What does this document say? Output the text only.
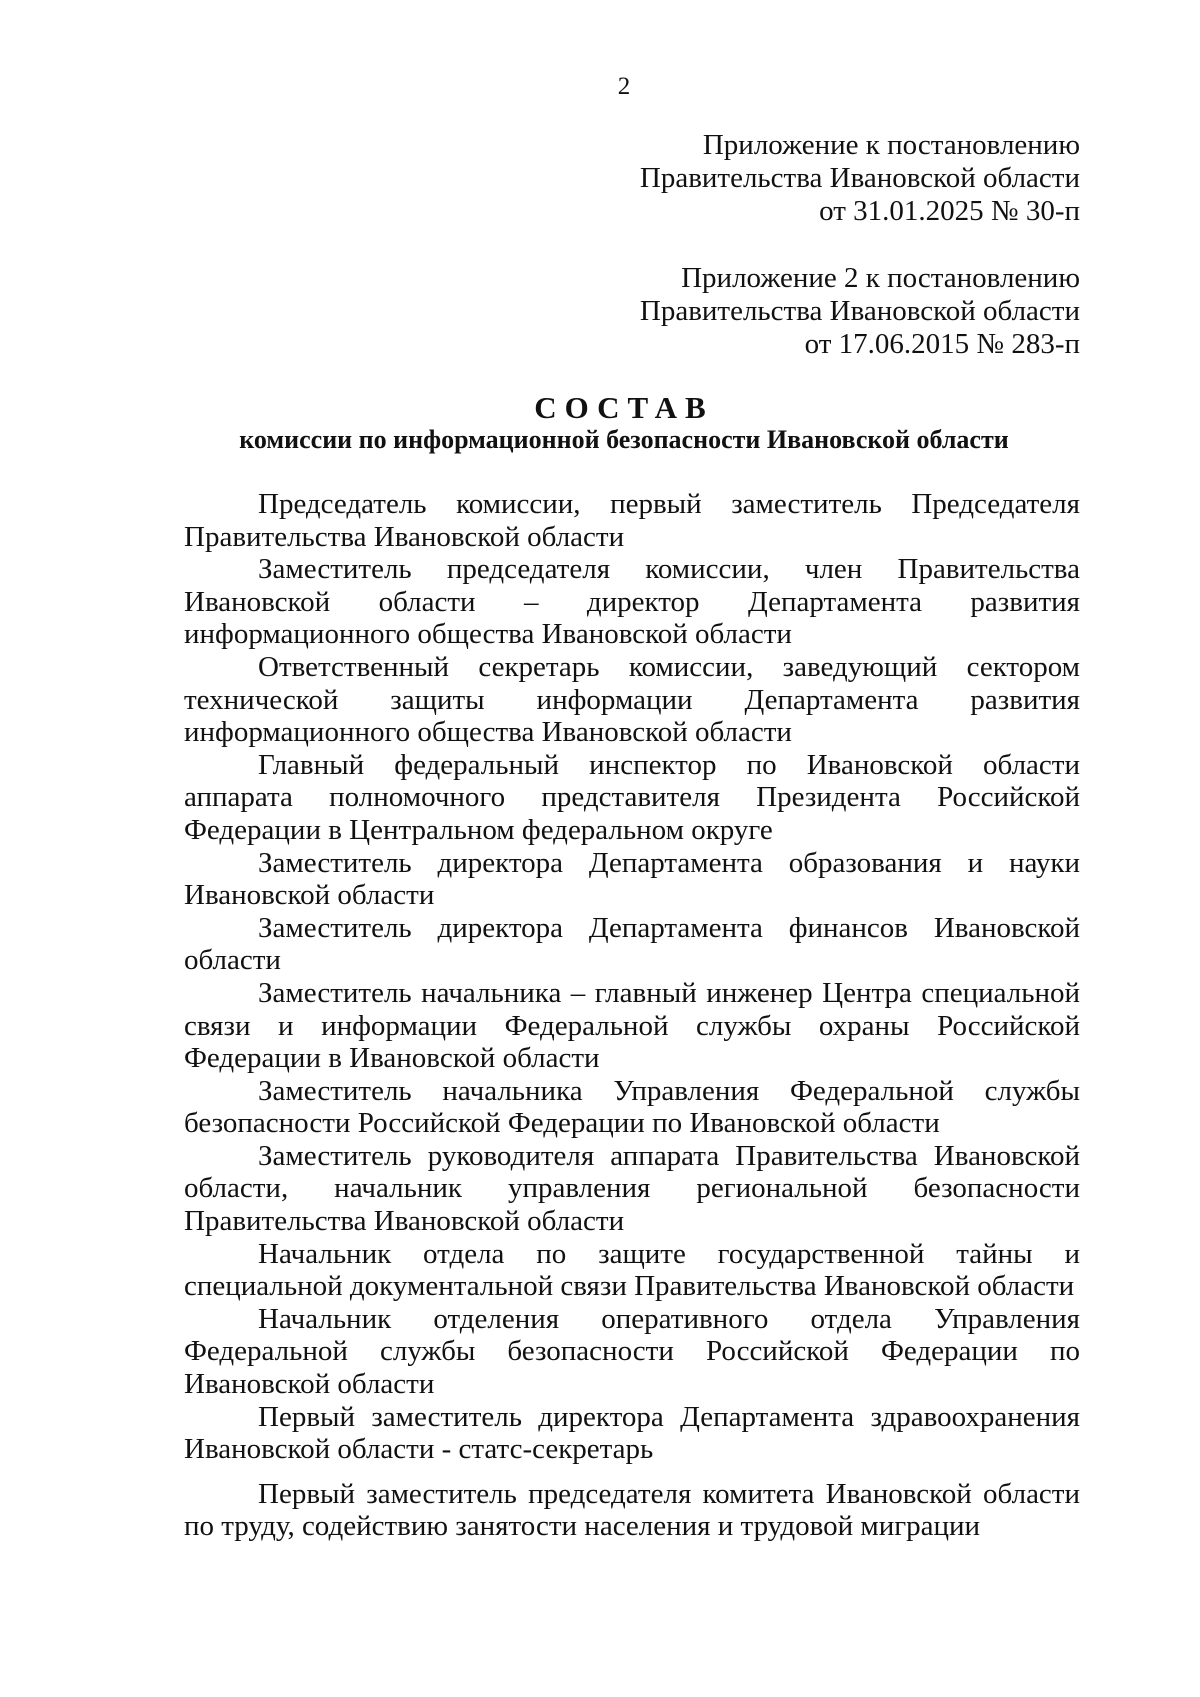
2
Приложение к постановлению
Правительства Ивановской области
от 31.01.2025 № 30-п
Приложение 2 к постановлению
Правительства Ивановской области
от 17.06.2015 № 283-п
СОСТАВ
комиссии по информационной безопасности Ивановской области

Председатель комиссии, первый заместитель Председателя Правительства Ивановской области

Заместитель председателя комиссии, член Правительства Ивановской области – директор Департамента развития информационного общества Ивановской области

Ответственный секретарь комиссии, заведующий сектором технической защиты информации Департамента развития информационного общества Ивановской области

Главный федеральный инспектор по Ивановской области аппарата полномочного представителя Президента Российской Федерации в Центральном федеральном округе

Заместитель директора Департамента образования и науки Ивановской области

Заместитель директора Департамента финансов Ивановской области

Заместитель начальника – главный инженер Центра специальной связи и информации Федеральной службы охраны Российской Федерации в Ивановской области

Заместитель начальника Управления Федеральной службы безопасности Российской Федерации по Ивановской области

Заместитель руководителя аппарата Правительства Ивановской области, начальник управления региональной безопасности Правительства Ивановской области

Начальник отдела по защите государственной тайны и специальной документальной связи Правительства Ивановской области

Начальник отделения оперативного отдела Управления Федеральной службы безопасности Российской Федерации по Ивановской области

Первый заместитель директора Департамента здравоохранения Ивановской области - статс-секретарь

Первый заместитель председателя комитета Ивановской области по труду, содействию занятости населения и трудовой миграции
